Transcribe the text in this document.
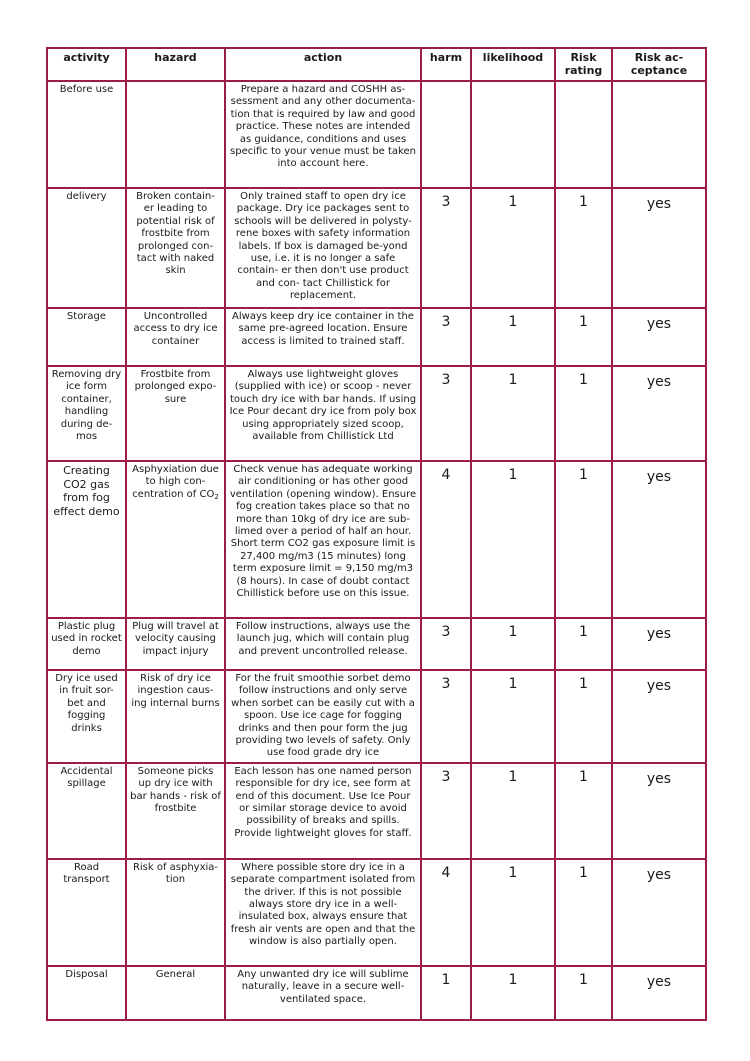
activity	hazard	action	harm	likelihood	Risk rating	Risk ac- ceptance
Before use		Prepare a hazard and COSHH as- sessment and any other documenta- tion that is required by law and good practice. These notes are intended as guidance, conditions and uses specific to your venue must be taken into account here.				
delivery	Broken contain- er leading to potential risk of frostbite from prolonged con- tact with naked skin	Only trained staff to open dry ice package. Dry ice packages sent to schools will be delivered in polysty- rene boxes with safety information labels. If box is damaged be-yond use, i.e. it is no longer a safe contain- er then don't use product and con- tact Chillistick for replacement.	3	1	1	yes
Storage	Uncontrolled access to dry ice container	Always keep dry ice container in the same pre-agreed location. Ensure access is limited to trained staff.	3	1	1	yes
Removing dry ice form container, handling during de- mos	Frostbite from prolonged expo- sure	Always use lightweight gloves (supplied with ice) or scoop - never touch dry ice with bar hands. If using Ice Pour decant dry ice from poly box using appropriately sized scoop, available from Chillistick Ltd	3	1	1	yes
Creating CO2 gas from fog effect demo	Asphyxiation due to high con- centration of $CO_2$	Check venue has adequate working air conditioning or has other good ventilation (opening window). Ensure fog creation takes place so that no more than 10kg of dry ice are sub- limed over a period of half an hour. Short term CO2 gas exposure limit is 27,400 mg/m3 (15 minutes) long term exposure limit = 9,150 mg/m3 (8 hours). In case of doubt contact Chillistick before use on this issue.	4	1	1	yes
Plastic plug used in rocket demo	Plug will travel at velocity causing impact injury	Follow instructions, always use the launch jug, which will contain plug and prevent uncontrolled release.	3	1	1	yes
Dry ice used in fruit sor- bet and fogging drinks	Risk of dry ice ingestion caus- ing internal burns	For the fruit smoothie sorbet demo follow instructions and only serve when sorbet can be easily cut with a spoon. Use ice cage for fogging drinks and then pour form the jug providing two levels of safety. Only use food grade dry ice	3	1	1	yes
Accidental spillage	Someone picks up dry ice with bar hands - risk of frostbite	Each lesson has one named person responsible for dry ice, see form at end of this document. Use Ice Pour or similar storage device to avoid possibility of breaks and spills. Provide lightweight gloves for staff.	3	1	1	yes
Road transport	Risk of asphyxia- tion	Where possible store dry ice in a separate compartment isolated from the driver. If this is not possible always store dry ice in a well- insulated box, always ensure that fresh air vents are open and that the window is also partially open.	4	1	1	yes
Disposal	General	Any unwanted dry ice will sublime naturally, leave in a secure well- ventilated space.	1	1	1	yes
